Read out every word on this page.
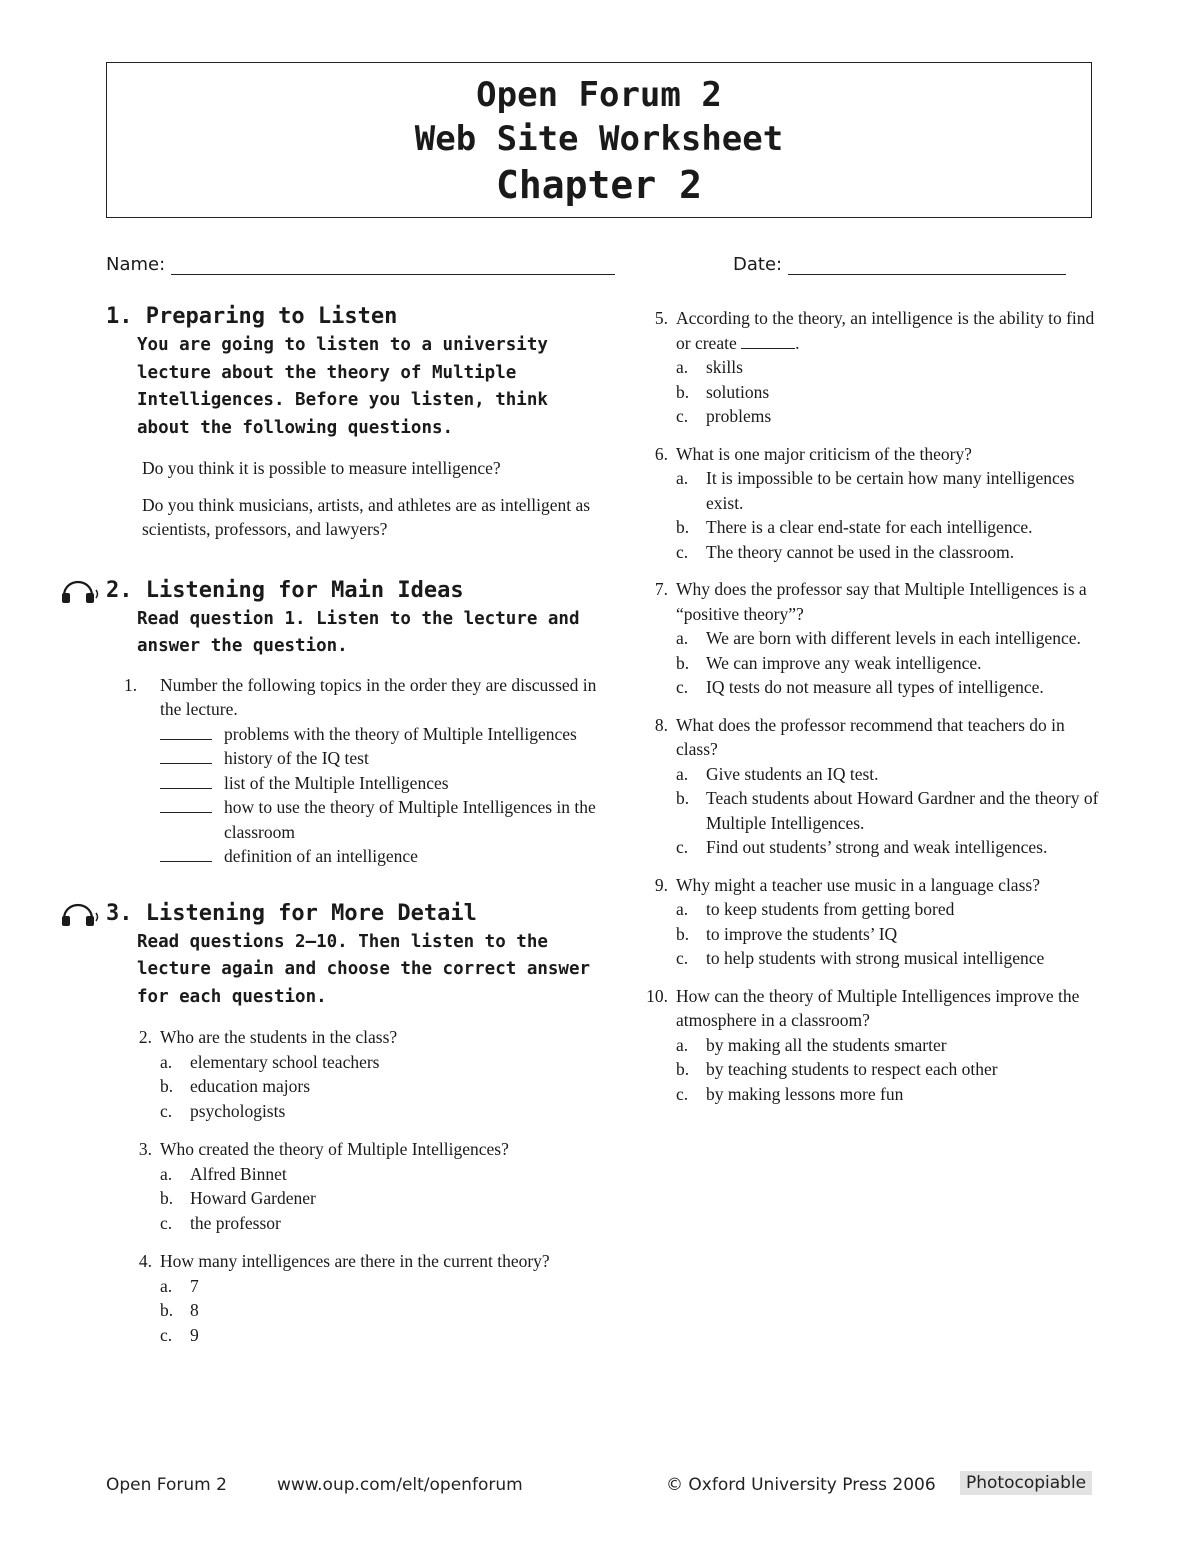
Open Forum 2
Web Site Worksheet
Chapter 2
Name:	Date:
1. Preparing to Listen
You are going to listen to a university lecture about the theory of Multiple Intelligences. Before you listen, think about the following questions.
Do you think it is possible to measure intelligence?
Do you think musicians, artists, and athletes are as intelligent as scientists, professors, and lawyers?
2. Listening for Main Ideas
Read question 1. Listen to the lecture and answer the question.
1.	Number the following topics in the order they are discussed in the lecture.
problems with the theory of Multiple Intelligences
history of the IQ test
list of the Multiple Intelligences
how to use the theory of Multiple Intelligences in the classroom
definition of an intelligence
3. Listening for More Detail
Read questions 2–10. Then listen to the lecture again and choose the correct answer for each question.
2. Who are the students in the class?
a. elementary school teachers
b. education majors
c. psychologists
3. Who created the theory of Multiple Intelligences?
a. Alfred Binnet
b. Howard Gardener
c. the professor
4. How many intelligences are there in the current theory?
a. 7
b. 8
c. 9
5. According to the theory, an intelligence is the ability to find or create	.
a. skills
b. solutions
c. problems
6. What is one major criticism of the theory?
a. It is impossible to be certain how many intelligences exist.
b. There is a clear end-state for each intelligence.
c. The theory cannot be used in the classroom.
7. Why does the professor say that Multiple Intelligences is a “positive theory”?
a. We are born with different levels in each intelligence.
b. We can improve any weak intelligence.
c. IQ tests do not measure all types of intelligence.
8. What does the professor recommend that teachers do in class?
a. Give students an IQ test.
b. Teach students about Howard Gardner and the theory of Multiple Intelligences.
c. Find out students’ strong and weak intelligences.
9. Why might a teacher use music in a language class?
a. to keep students from getting bored
b. to improve the students’ IQ
c. to help students with strong musical intelligence
10. How can the theory of Multiple Intelligences improve the atmosphere in a classroom?
a. by making all the students smarter
b. by teaching students to respect each other
c. by making lessons more fun
Open Forum 2	www.oup.com/elt/openforum	© Oxford University Press 2006	Photocopiable
